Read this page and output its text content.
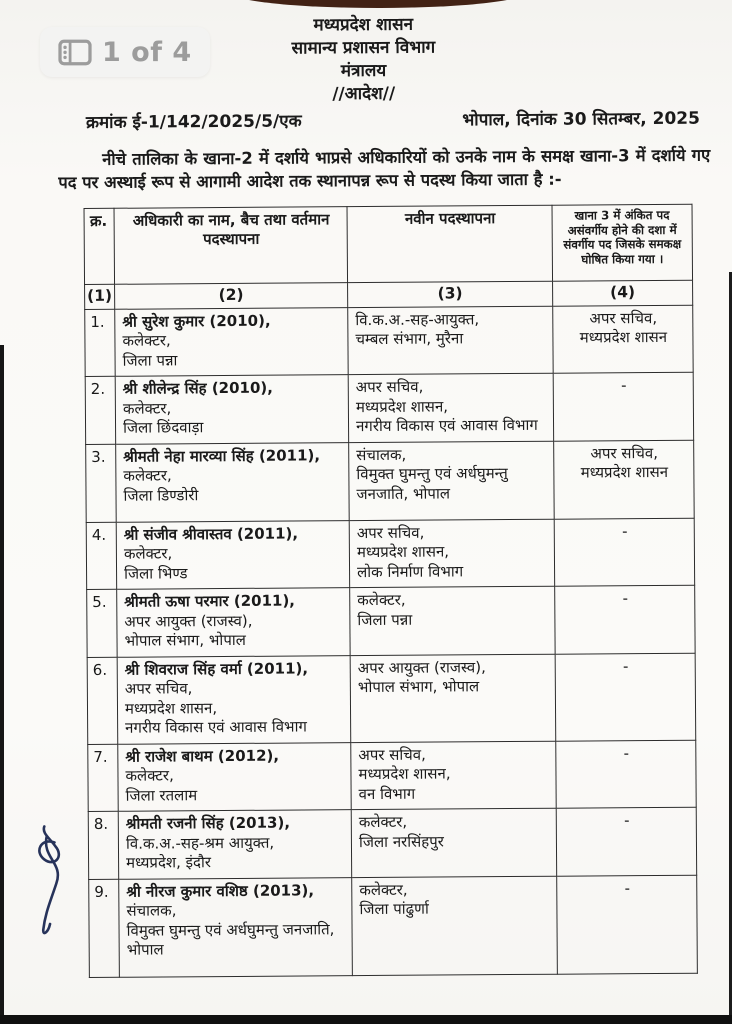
1 of 4
मध्यप्रदेश शासन
सामान्य प्रशासन विभाग
मंत्रालय
//आदेश//
क्रमांक ई-1/142/2025/5/एक	भोपाल, दिनांक 30 सितम्बर, 2025
नीचे तालिका के खाना-2 में दर्शाये भाप्रसे अधिकारियों को उनके नाम के समक्ष खाना-3 में दर्शाये गए पद पर अस्थाई रूप से आगामी आदेश तक स्थानापन्न रूप से पदस्थ किया जाता है :-
क्र.	अधिकारी का नाम, बैच तथा वर्तमान पदस्थापना	नवीन पदस्थापना	खाना 3 में अंकित पद असंवर्गीय होने की दशा में संवर्गीय पद जिसके समकक्ष घोषित किया गया ।
(1)	(2)	(3)	(4)
1.	श्री सुरेश कुमार (2010),
कलेक्टर,
जिला पन्ना	वि.क.अ.-सह-आयुक्त,
चम्बल संभाग, मुरैना	अपर सचिव,
मध्यप्रदेश शासन
2.	श्री शीलेन्द्र सिंह (2010),
कलेक्टर,
जिला छिंदवाड़ा	अपर सचिव,
मध्यप्रदेश शासन,
नगरीय विकास एवं आवास विभाग	-
3.	श्रीमती नेहा मारव्या सिंह (2011),
कलेक्टर,
जिला डिण्डोरी	संचालक,
विमुक्त घुमन्तु एवं अर्धघुमन्तु
जनजाति, भोपाल	अपर सचिव,
मध्यप्रदेश शासन
4.	श्री संजीव श्रीवास्तव (2011),
कलेक्टर,
जिला भिण्ड	अपर सचिव,
मध्यप्रदेश शासन,
लोक निर्माण विभाग	-
5.	श्रीमती ऊषा परमार (2011),
अपर आयुक्त (राजस्व),
भोपाल संभाग, भोपाल	कलेक्टर,
जिला पन्ना	-
6.	श्री शिवराज सिंह वर्मा (2011),
अपर सचिव,
मध्यप्रदेश शासन,
नगरीय विकास एवं आवास विभाग	अपर आयुक्त (राजस्व),
भोपाल संभाग, भोपाल	-
7.	श्री राजेश बाथम (2012),
कलेक्टर,
जिला रतलाम	अपर सचिव,
मध्यप्रदेश शासन,
वन विभाग	-
8.	श्रीमती रजनी सिंह (2013),
वि.क.अ.-सह-श्रम आयुक्त,
मध्यप्रदेश, इंदौर	कलेक्टर,
जिला नरसिंहपुर	-
9.	श्री नीरज कुमार वशिष्ठ (2013),
संचालक,
विमुक्त घुमन्तु एवं अर्धघुमन्तु जनजाति,
भोपाल	कलेक्टर,
जिला पांढुर्णा	-
